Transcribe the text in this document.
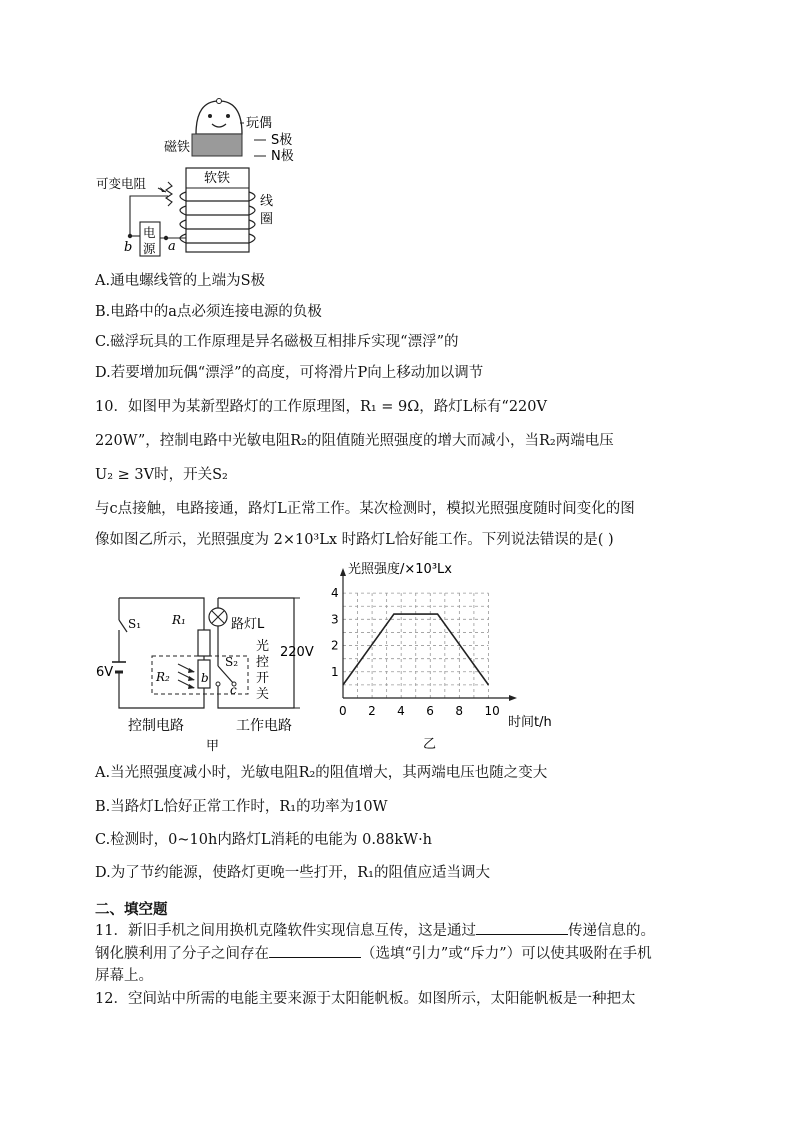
玩偶
磁铁	S极
N极
软铁
线
圈
可变电阻
电
源
b	a
A.通电螺线管的上端为S极
B.电路中的a点必须连接电源的负极
C.磁浮玩具的工作原理是异名磁极互相排斥实现“漂浮”的
D.若要增加玩偶“漂浮”的高度，可将滑片P向上移动加以调节
10．如图甲为某新型路灯的工作原理图，R₁ = 9Ω，路灯L标有“220V
220W”，控制电路中光敏电阻R₂的阻值随光照强度的增大而减小，当R₂两端电压
U₂ ≥ 3V时，开关S₂
与c点接触，电路接通，路灯L正常工作。某次检测时，模拟光照强度随时间变化的图
像如图乙所示，光照强度为 2×10³Lx 时路灯L恰好能工作。下列说法错误的是( )
S₁	R₁	路灯L
6V	R₂
S₂
b
c
光
控
开
关
220V
控制电路	工作电路
甲
0 2 4 6 8 10
1
2
3
4
光照强度/×10³Lx
时间t/h
乙
A.当光照强度减小时，光敏电阻R₂的阻值增大，其两端电压也随之变大
B.当路灯L恰好正常工作时，R₁的功率为10W
C.检测时，0~10h内路灯L消耗的电能为 0.88kW·h
D.为了节约能源，使路灯更晚一些打开，R₁的阻值应适当调大
二、填空题
11．新旧手机之间用换机克隆软件实现信息互传，这是通过	传递信息的。
钢化膜利用了分子之间存在	（选填“引力”或“斥力”）可以使其吸附在手机
屏幕上。
12．空间站中所需的电能主要来源于太阳能帆板。如图所示，太阳能帆板是一种把太
